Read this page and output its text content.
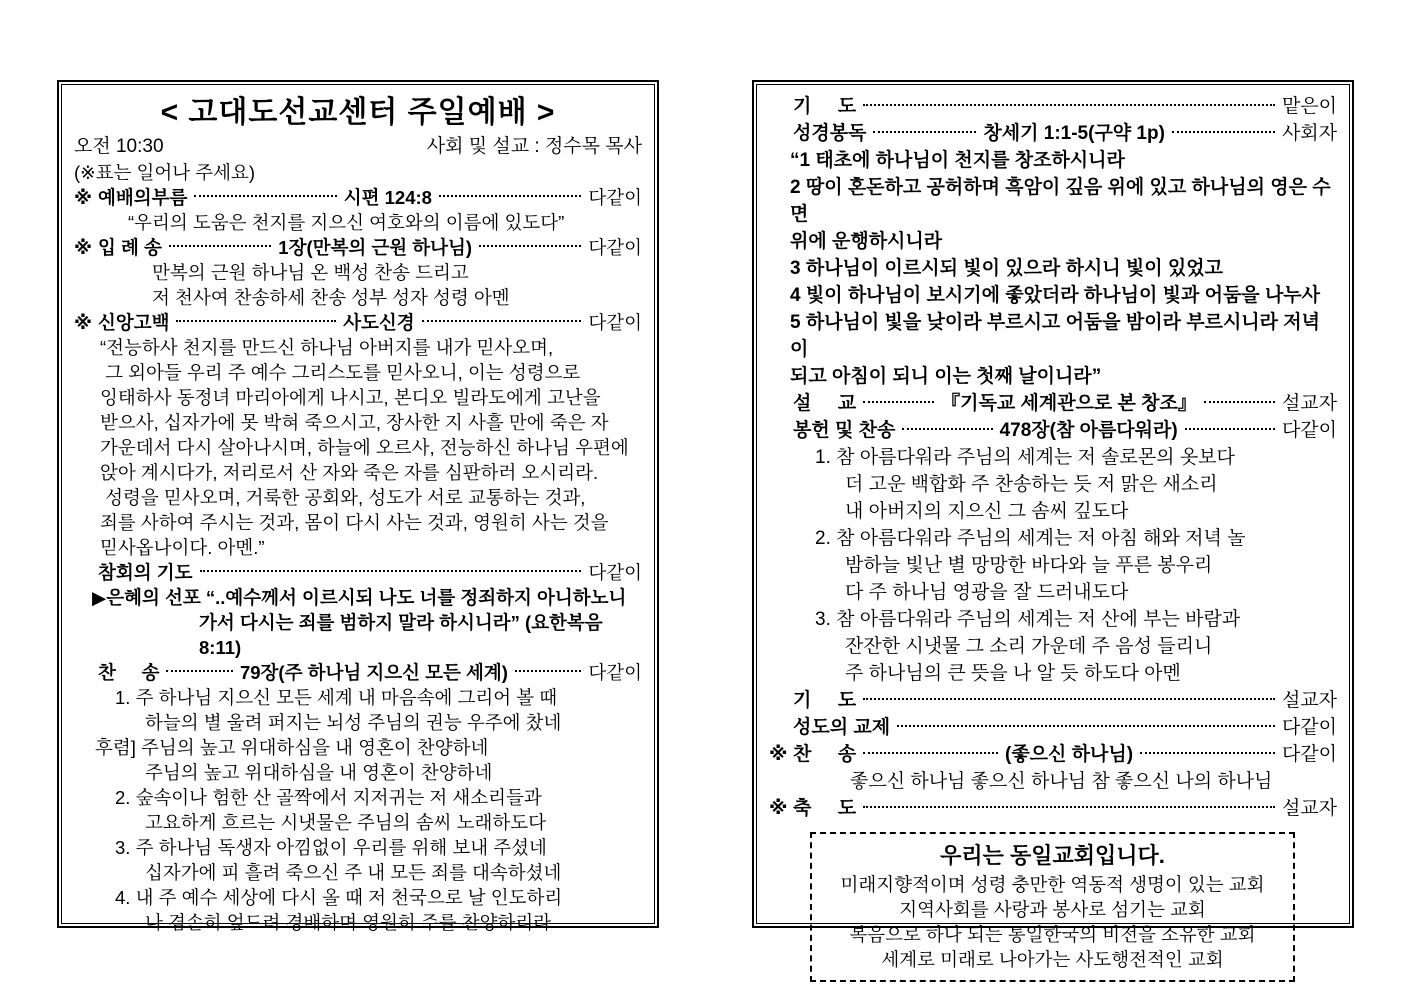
< 고대도선교센터 주일예배 >
오전 10:30	사회 및 설교 : 정수목 목사
(※표는 일어나 주세요)
※ 예배의부름	시편 124:8	다같이
“우리의 도움은 천지를 지으신 여호와의 이름에 있도다”
※ 입 례 송	1장(만복의 근원 하나님)	다같이
만복의 근원 하나님 온 백성 찬송 드리고
저 천사여 찬송하세 찬송 성부 성자 성령 아멘
※ 신앙고백	사도신경	다같이
“전능하사 천지를 만드신 하나님 아버지를 내가 믿사오며,
그 외아들 우리 주 예수 그리스도를 믿사오니, 이는 성령으로
잉태하사 동정녀 마리아에게 나시고, 본디오 빌라도에게 고난을
받으사, 십자가에 못 박혀 죽으시고, 장사한 지 사흘 만에 죽은 자
가운데서 다시 살아나시며, 하늘에 오르사, 전능하신 하나님 우편에
앉아 계시다가, 저리로서 산 자와 죽은 자를 심판하러 오시리라.
성령을 믿사오며, 거룩한 공회와, 성도가 서로 교통하는 것과,
죄를 사하여 주시는 것과, 몸이 다시 사는 것과, 영원히 사는 것을
믿사옵나이다. 아멘.”
참회의 기도	다같이
▶은혜의 선포 “..예수께서 이르시되 나도 너를 정죄하지 아니하노니
가서 다시는 죄를 범하지 말라 하시니라” (요한복음 8:11)
찬     송	79장(주 하나님 지으신 모든 세계)	다같이
1. 주 하나님 지으신 모든 세계 내 마음속에 그리어 볼 때
하늘의 별 울려 퍼지는 뇌성 주님의 권능 우주에 찼네
후렴] 주님의 높고 위대하심을 내 영혼이 찬양하네
주님의 높고 위대하심을 내 영혼이 찬양하네
2. 숲속이나 험한 산 골짝에서 지저귀는 저 새소리들과
고요하게 흐르는 시냇물은 주님의 솜씨 노래하도다
3. 주 하나님 독생자 아낌없이 우리를 위해 보내 주셨네
십자가에 피 흘려 죽으신 주 내 모든 죄를 대속하셨네
4. 내 주 예수 세상에 다시 올 때 저 천국으로 날 인도하리
나 겸손히 엎드려 경배하며 영원히 주를 찬양하리라
기     도	맡은이
성경봉독	창세기 1:1-5(구약 1p)	사회자
“1 태초에 하나님이 천지를 창조하시니라
2 땅이 혼돈하고 공허하며 흑암이 깊음 위에 있고 하나님의 영은 수면
위에 운행하시니라
3 하나님이 이르시되 빛이 있으라 하시니 빛이 있었고
4 빛이 하나님이 보시기에 좋았더라 하나님이 빛과 어둠을 나누사
5 하나님이 빛을 낮이라 부르시고 어둠을 밤이라 부르시니라 저녁이
되고 아침이 되니 이는 첫째 날이니라”
설     교	『기독교 세계관으로 본 창조』	설교자
봉헌 및 찬송	478장(참 아름다워라)	다같이
1. 참 아름다워라 주님의 세계는 저 솔로몬의 옷보다
더 고운 백합화 주 찬송하는 듯 저 맑은 새소리
내 아버지의 지으신 그 솜씨 깊도다
2. 참 아름다워라 주님의 세계는 저 아침 해와 저녁 놀
밤하늘 빛난 별 망망한 바다와 늘 푸른 봉우리
다 주 하나님 영광을 잘 드러내도다
3. 참 아름다워라 주님의 세계는 저 산에 부는 바람과
잔잔한 시냇물 그 소리 가운데 주 음성 들리니
주 하나님의 큰 뜻을 나 알 듯 하도다 아멘
기     도	설교자
성도의 교제	다같이
※ 찬     송	(좋으신 하나님)	다같이
좋으신 하나님 좋으신 하나님 참 좋으신 나의 하나님
※ 축     도	설교자
우리는 동일교회입니다.
미래지향적이며 성령 충만한 역동적 생명이 있는 교회
지역사회를 사랑과 봉사로 섬기는 교회
복음으로 하나 되는 통일한국의 비전을 소유한 교회
세계로 미래로 나아가는 사도행전적인 교회
